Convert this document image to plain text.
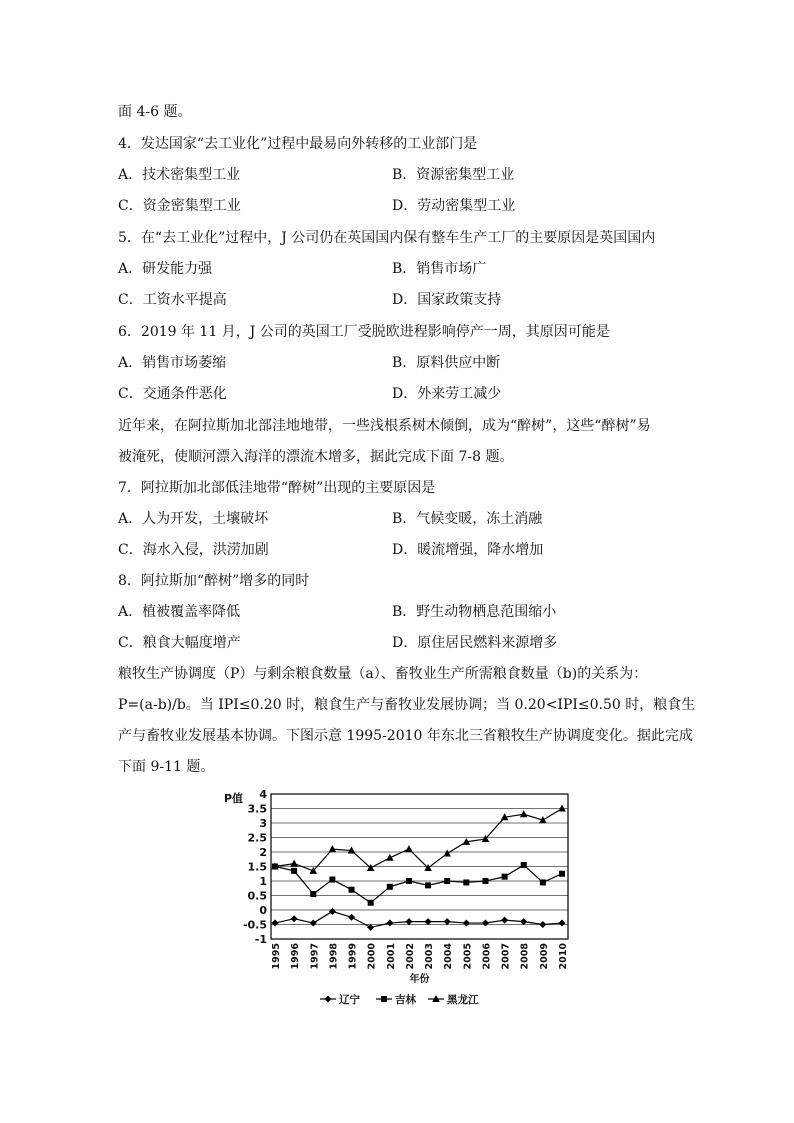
面 4-6 题。
4．发达国家“去工业化”过程中最易向外转移的工业部门是
A．技术密集型工业	B．资源密集型工业
C．资金密集型工业	D．劳动密集型工业
5．在“去工业化”过程中，J 公司仍在英国国内保有整车生产工厂的主要原因是英国国内
A．研发能力强	B．销售市场广
C．工资水平提高	D．国家政策支持
6．2019 年 11 月，J 公司的英国工厂受脱欧进程影响停产一周，其原因可能是
A．销售市场萎缩	B．原料供应中断
C．交通条件恶化	D．外来劳工减少
近年来，在阿拉斯加北部洼地地带，一些浅根系树木倾倒，成为“醉树”，这些“醉树”易
被淹死，使顺河漂入海洋的漂流木增多，据此完成下面 7-8 题。
7．阿拉斯加北部低洼地带“醉树”出现的主要原因是
A．人为开发，土壤破坏	B．气候变暖，冻土消融
C．海水入侵，洪涝加剧	D．暖流增强，降水增加
8．阿拉斯加“醉树”增多的同时
A．植被覆盖率降低	B．野生动物栖息范围缩小
C．粮食大幅度增产	D．原住居民燃料来源增多
粮牧生产协调度（P）与剩余粮食数量（a）、畜牧业生产所需粮食数量（b)的关系为：
P=(a-b)/b。当 IPI≤0.20 时，粮食生产与畜牧业发展协调；当 0.20<IPI≤0.50 时，粮食生
产与畜牧业发展基本协调。下图示意 1995-2010 年东北三省粮牧生产协调度变化。据此完成
下面 9-11 题。
4
3.5
3
2.5
2
1.5
1
0.5
0
-0.5
-1
1995 1996 1997 1998 1999 2000 2001 2002 2003 2004 2005 2006 2007 2008 2009 2010
P值
年份
辽宁	吉林	黑龙江
